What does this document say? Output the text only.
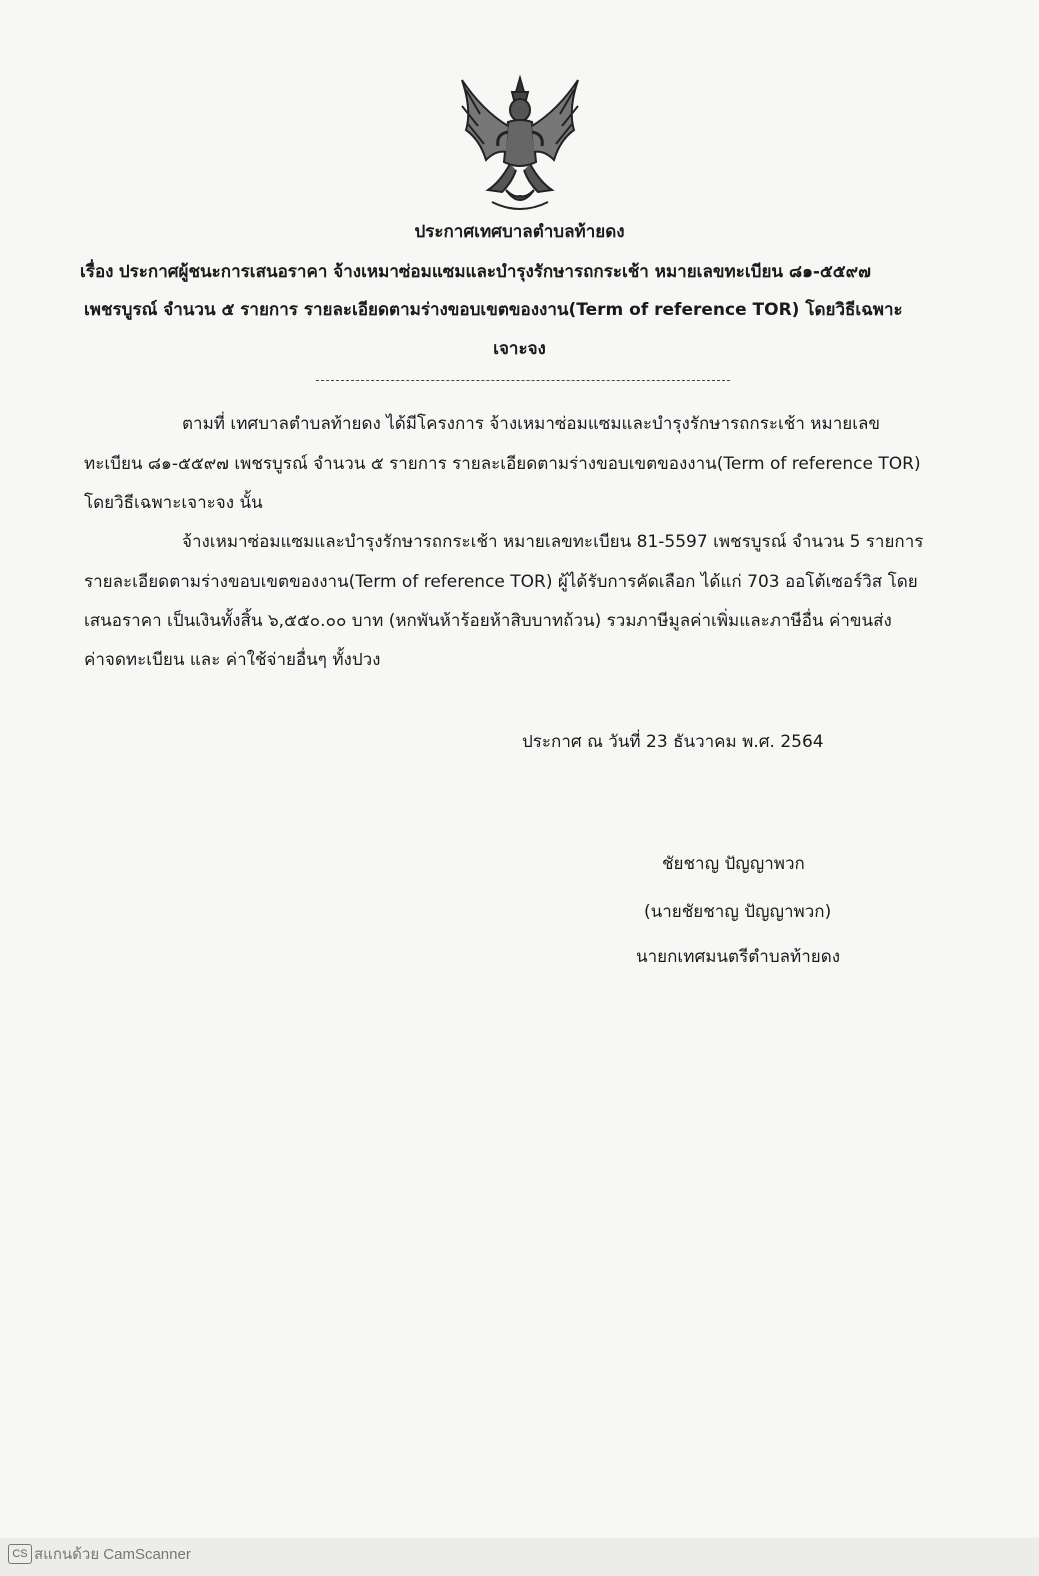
ประกาศเทศบาลตำบลท้ายดง
เรื่อง ประกาศผู้ชนะการเสนอราคา จ้างเหมาซ่อมแซมและบำรุงรักษารถกระเช้า หมายเลขทะเบียน ๘๑-๕๕๙๗
เพชรบูรณ์ จำนวน ๕ รายการ รายละเอียดตามร่างขอบเขตของงาน(Term of reference TOR) โดยวิธีเฉพาะ
เจาะจง
ตามที่ เทศบาลตำบลท้ายดง ได้มีโครงการ จ้างเหมาซ่อมแซมและบำรุงรักษารถกระเช้า หมายเลข
ทะเบียน ๘๑-๕๕๙๗ เพชรบูรณ์ จำนวน ๕ รายการ รายละเอียดตามร่างขอบเขตของงาน(Term of reference TOR)
โดยวิธีเฉพาะเจาะจง นั้น
จ้างเหมาซ่อมแซมและบำรุงรักษารถกระเช้า หมายเลขทะเบียน 81-5597 เพชรบูรณ์ จำนวน 5 รายการ
รายละเอียดตามร่างขอบเขตของงาน(Term of reference TOR) ผู้ได้รับการคัดเลือก ได้แก่ 703 ออโต้เซอร์วิส โดย
เสนอราคา เป็นเงินทั้งสิ้น ๖,๕๕๐.๐๐ บาท (หกพันห้าร้อยห้าสิบบาทถ้วน) รวมภาษีมูลค่าเพิ่มและภาษีอื่น ค่าขนส่ง
ค่าจดทะเบียน และ ค่าใช้จ่ายอื่นๆ ทั้งปวง
ประกาศ ณ วันที่ 23 ธันวาคม พ.ศ. 2564
ชัยชาญ ปัญญาพวก
(นายชัยชาญ ปัญญาพวก)
นายกเทศมนตรีตำบลท้ายดง
CS สแกนด้วย CamScanner
